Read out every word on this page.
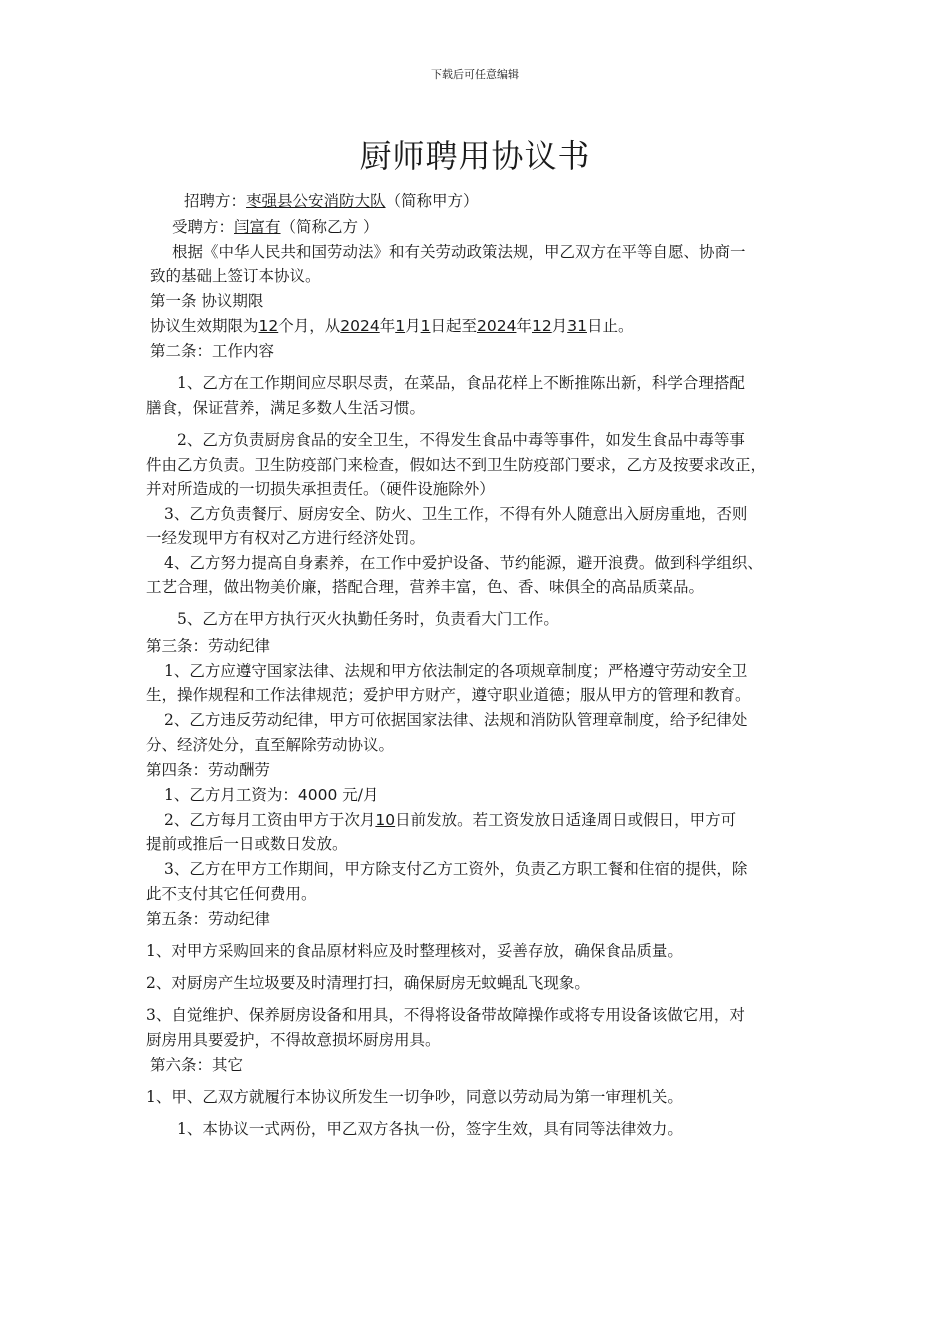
下载后可任意编辑
厨师聘用协议书
招聘方：枣强县公安消防大队（简称甲方）
受聘方：闫富有（简称乙方 ）
根据《中华人民共和国劳动法》和有关劳动政策法规，甲乙双方在平等自愿、协商一
致的基础上签订本协议。
第一条 协议期限
协议生效期限为12个月，从2024年1月1日起至2024年12月31日止。
第二条：工作内容
1、乙方在工作期间应尽职尽责，在菜品，食品花样上不断推陈出新，科学合理搭配
膳食，保证营养，满足多数人生活习惯。
2、乙方负责厨房食品的安全卫生，不得发生食品中毒等事件，如发生食品中毒等事
件由乙方负责。卫生防疫部门来检查，假如达不到卫生防疫部门要求，乙方及按要求改正，
并对所造成的一切损失承担责任。（硬件设施除外）
3、乙方负责餐厅、厨房安全、防火、卫生工作，不得有外人随意出入厨房重地，否则
一经发现甲方有权对乙方进行经济处罚。
4、乙方努力提高自身素养，在工作中爱护设备、节约能源，避开浪费。做到科学组织、
工艺合理，做出物美价廉，搭配合理，营养丰富，色、香、味俱全的高品质菜品。
5、乙方在甲方执行灭火执勤任务时，负责看大门工作。
第三条：劳动纪律
1、乙方应遵守国家法律、法规和甲方依法制定的各项规章制度；严格遵守劳动安全卫
生，操作规程和工作法律规范；爱护甲方财产，遵守职业道德；服从甲方的管理和教育。
2、乙方违反劳动纪律，甲方可依据国家法律、法规和消防队管理章制度，给予纪律处
分、经济处分，直至解除劳动协议。
第四条：劳动酬劳
1、乙方月工资为：4000 元/月
2、乙方每月工资由甲方于次月10日前发放。若工资发放日适逢周日或假日，甲方可
提前或推后一日或数日发放。
3、乙方在甲方工作期间，甲方除支付乙方工资外，负责乙方职工餐和住宿的提供，除
此不支付其它任何费用。
第五条：劳动纪律
1、对甲方采购回来的食品原材料应及时整理核对，妥善存放，确保食品质量。
2、对厨房产生垃圾要及时清理打扫，确保厨房无蚊蝇乱飞现象。
3、自觉维护、保养厨房设备和用具，不得将设备带故障操作或将专用设备该做它用，对
厨房用具要爱护，不得故意损坏厨房用具。
第六条：其它
1、甲、乙双方就履行本协议所发生一切争吵，同意以劳动局为第一审理机关。
1、本协议一式两份，甲乙双方各执一份，签字生效，具有同等法律效力。
